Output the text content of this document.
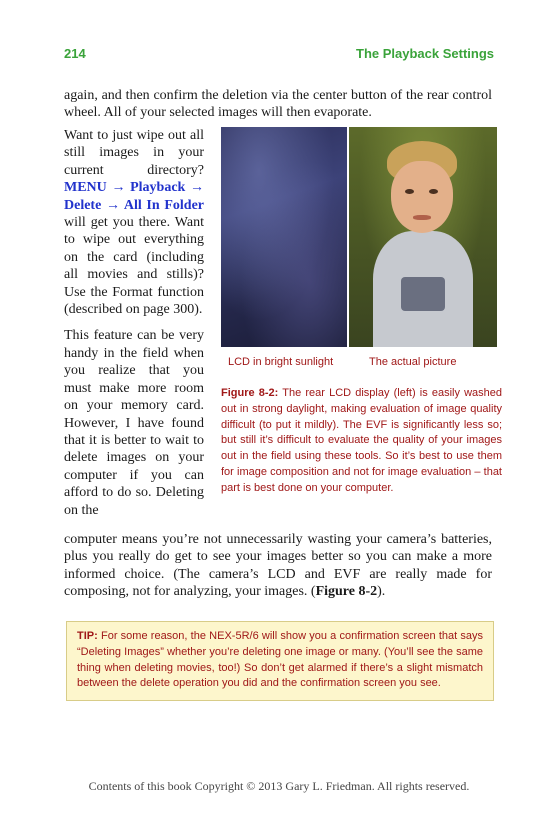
214	The Playback Settings

again, and then confirm the deletion via the center button of the rear control wheel. All of your selected images will then evaporate.

Want to just wipe out all still images in your current directory? MENU → Playback → Delete → All In Folder will get you there. Want to wipe out everything on the card (including all movies and stills)? Use the Format function (described on page 300).

This feature can be very handy in the field when you realize that you must make more room on your memory card. However, I have found that it is better to wait to delete images on your computer if you can afford to do so. Deleting on the

LCD in bright sunlight	The actual picture

Figure 8-2: The rear LCD display (left) is easily washed out in strong daylight, making evaluation of image quality difficult (to put it mildly). The EVF is significantly less so; but still it’s difficult to evaluate the quality of your images out in the field using these tools. So it’s best to use them for image composition and not for image evaluation – that part is best done on your computer.

computer means you’re not unnecessarily wasting your camera’s batteries, plus you really do get to see your images better so you can make a more informed choice. (The camera’s LCD and EVF are really made for composing, not for analyzing, your images. (Figure 8-2).

TIP: For some reason, the NEX-5R/6 will show you a confirmation screen that says “Deleting Images” whether you’re deleting one image or many. (You’ll see the same thing when deleting movies, too!) So don’t get alarmed if there’s a slight mismatch between the delete operation you did and the confirmation screen you see.
Contents of this book Copyright © 2013 Gary L. Friedman. All rights reserved.
